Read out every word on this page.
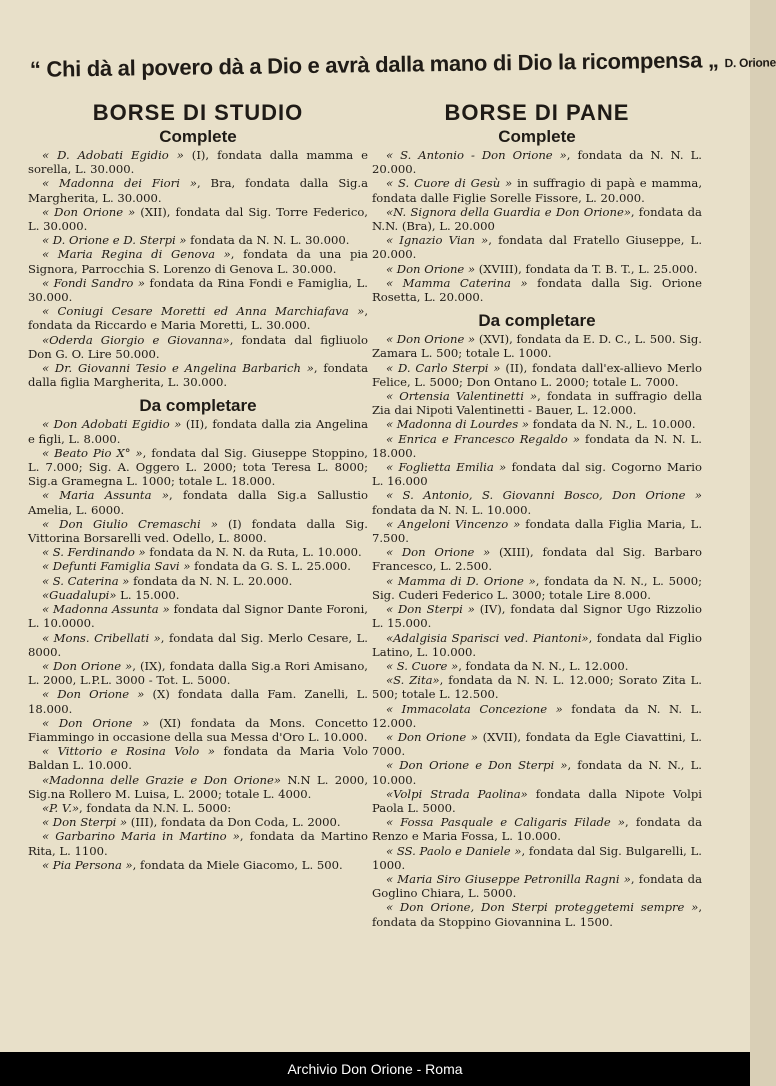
“ Chi dà al povero dà a Dio e avrà dalla mano di Dio la ricompensa „ D. Orione
BORSE DI STUDIO
Complete

« D. Adobati Egidio » (I), fondata dalla mamma e sorella, L. 30.000.

« Madonna dei Fiori », Bra, fondata dalla Sig.a Margherita, L. 30.000.

« Don Orione » (XII), fondata dal Sig. Torre Federico, L. 30.000.

« D. Orione e D. Sterpi » fondata da N. N. L. 30.000.

« Maria Regina di Genova », fondata da una pia Signora, Parrocchia S. Lorenzo di Genova L. 30.000.

« Fondi Sandro » fondata da Rina Fondi e Famiglia, L. 30.000.

« Coniugi Cesare Moretti ed Anna Marchiafava », fondata da Riccardo e Maria Moretti, L. 30.000.

«Oderda Giorgio e Giovanna», fondata dal figliuolo Don G. O. Lire 50.000.

« Dr. Giovanni Tesio e Angelina Barbarich », fondata dalla figlia Margherita, L. 30.000.

Da completare

« Don Adobati Egidio » (II), fondata dalla zia Angelina e figli, L. 8.000.

« Beato Pio X° », fondata dal Sig. Giuseppe Stoppino, L. 7.000; Sig. A. Oggero L. 2000; tota Teresa L. 8000; Sig.a Gramegna L. 1000; totale L. 18.000.

« Maria Assunta », fondata dalla Sig.a Sallustio Amelia, L. 6000.

« Don Giulio Cremaschi » (I) fondata dalla Sig. Vittorina Borsarelli ved. Odello, L. 8000.

« S. Ferdinando » fondata da N. N. da Ruta, L. 10.000.

« Defunti Famiglia Savi » fondata da G. S. L. 25.000.

« S. Caterina » fondata da N. N. L. 20.000.

«Guadalupi» L. 15.000.

« Madonna Assunta » fondata dal Signor Dante Foroni, L. 10.0000.

« Mons. Cribellati », fondata dal Sig. Merlo Cesare, L. 8000.

« Don Orione », (IX), fondata dalla Sig.a Rori Amisano, L. 2000, L.P.L. 3000 - Tot. L. 5000.

« Don Orione » (X) fondata dalla Fam. Zanelli, L. 18.000.

« Don Orione » (XI) fondata da Mons. Concetto Fiammingo in occasione della sua Messa d'Oro L. 10.000.

« Vittorio e Rosina Volo » fondata da Maria Volo Baldan L. 10.000.

«Madonna delle Grazie e Don Orione» N.N L. 2000, Sig.na Rollero M. Luisa, L. 2000; totale L. 4000.

«P. V.», fondata da N.N. L. 5000:

« Don Sterpi » (III), fondata da Don Coda, L. 2000.

« Garbarino Maria in Martino », fondata da Martino Rita, L. 1100.

« Pia Persona », fondata da Miele Giacomo, L. 500.

BORSE DI PANE
Complete

« S. Antonio - Don Orione », fondata da N. N. L. 20.000.

« S. Cuore di Gesù » in suffragio di papà e mamma, fondata dalle Figlie Sorelle Fissore, L. 20.000.

«N. Signora della Guardia e Don Orione», fondata da N.N. (Bra), L. 20.000

« Ignazio Vian », fondata dal Fratello Giuseppe, L. 20.000.

« Don Orione » (XVIII), fondata da T. B. T., L. 25.000.

« Mamma Caterina » fondata dalla Sig. Orione Rosetta, L. 20.000.

Da completare

« Don Orione » (XVI), fondata da E. D. C., L. 500. Sig. Zamara L. 500; totale L. 1000.

« D. Carlo Sterpi » (II), fondata dall'ex-allievo Merlo Felice, L. 5000; Don Ontano L. 2000; totale L. 7000.

« Ortensia Valentinetti », fondata in suffragio della Zia dai Nipoti Valentinetti - Bauer, L. 12.000.

« Madonna di Lourdes » fondata da N. N., L. 10.000.

« Enrica e Francesco Regaldo » fondata da N. N. L. 18.000.

« Foglietta Emilia » fondata dal sig. Cogorno Mario L. 16.000

« S. Antonio, S. Giovanni Bosco, Don Orione » fondata da N. N. L. 10.000.

« Angeloni Vincenzo » fondata dalla Figlia Maria, L. 7.500.

« Don Orione » (XIII), fondata dal Sig. Barbaro Francesco, L. 2.500.

« Mamma di D. Orione », fondata da N. N., L. 5000; Sig. Cuderi Federico L. 3000; totale Lire 8.000.

« Don Sterpi » (IV), fondata dal Signor Ugo Rizzolio L. 15.000.

«Adalgisia Sparisci ved. Piantoni», fondata dal Figlio Latino, L. 10.000.

« S. Cuore », fondata da N. N., L. 12.000.

«S. Zita», fondata da N. N. L. 12.000; Sorato Zita L. 500; totale L. 12.500.

« Immacolata Concezione » fondata da N. N. L. 12.000.

« Don Orione » (XVII), fondata da Egle Ciavattini, L. 7000.

« Don Orione e Don Sterpi », fondata da N. N., L. 10.000.

«Volpi Strada Paolina» fondata dalla Nipote Volpi Paola L. 5000.

« Fossa Pasquale e Caligaris Filade », fondata da Renzo e Maria Fossa, L. 10.000.

« SS. Paolo e Daniele », fondata dal Sig. Bulgarelli, L. 1000.

« Maria Siro Giuseppe Petronilla Ragni », fondata da Goglino Chiara, L. 5000.

« Don Orione, Don Sterpi proteggetemi sempre », fondata da Stoppino Giovannina L. 1500.

Archivio Don Orione - Roma
